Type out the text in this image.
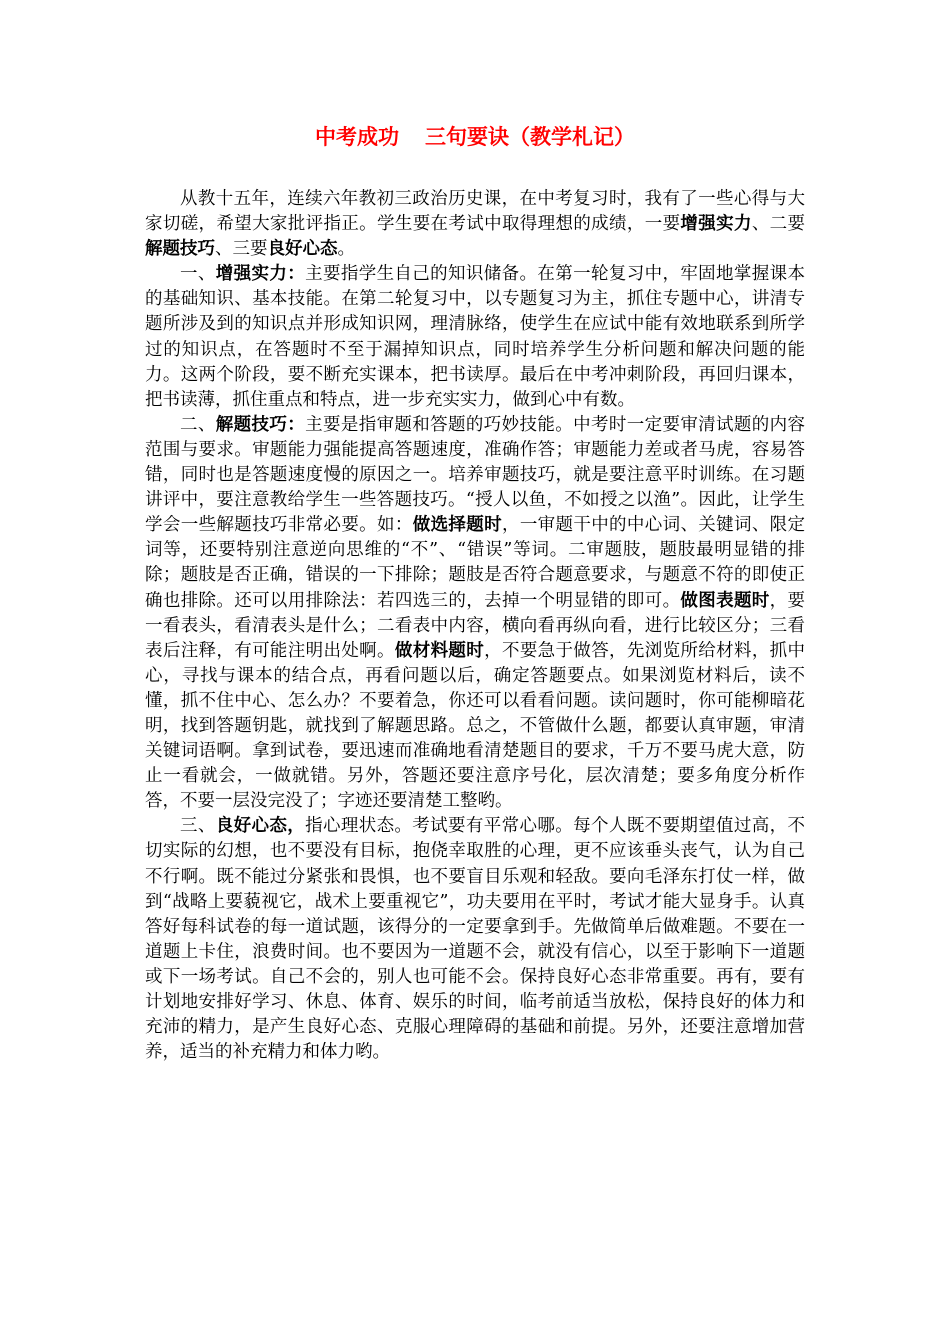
中考成功 三句要诀（教学札记）

从教十五年，连续六年教初三政治历史课，在中考复习时，我有了一些心得与大家切磋，希望大家批评指正。学生要在考试中取得理想的成绩，一要增强实力、二要解题技巧、三要良好心态。

一、增强实力：主要指学生自己的知识储备。在第一轮复习中，牢固地掌握课本的基础知识、基本技能。在第二轮复习中，以专题复习为主，抓住专题中心，讲清专题所涉及到的知识点并形成知识网，理清脉络，使学生在应试中能有效地联系到所学过的知识点，在答题时不至于漏掉知识点，同时培养学生分析问题和解决问题的能力。这两个阶段，要不断充实课本，把书读厚。最后在中考冲刺阶段，再回归课本，把书读薄，抓住重点和特点，进一步充实实力，做到心中有数。

二、解题技巧：主要是指审题和答题的巧妙技能。中考时一定要审清试题的内容范围与要求。审题能力强能提高答题速度，准确作答；审题能力差或者马虎，容易答错，同时也是答题速度慢的原因之一。培养审题技巧，就是要注意平时训练。在习题讲评中，要注意教给学生一些答题技巧。“授人以鱼，不如授之以渔”。因此，让学生学会一些解题技巧非常必要。如：做选择题时，一审题干中的中心词、关键词、限定词等，还要特别注意逆向思维的“不”、“错误”等词。二审题肢，题肢最明显错的排除；题肢是否正确，错误的一下排除；题肢是否符合题意要求，与题意不符的即使正确也排除。还可以用排除法：若四选三的，去掉一个明显错的即可。做图表题时，要一看表头，看清表头是什么；二看表中内容，横向看再纵向看，进行比较区分；三看表后注释，有可能注明出处啊。做材料题时，不要急于做答，先浏览所给材料，抓中心，寻找与课本的结合点，再看问题以后，确定答题要点。如果浏览材料后，读不懂，抓不住中心、怎么办？不要着急，你还可以看看问题。读问题时，你可能柳暗花明，找到答题钥匙，就找到了解题思路。总之，不管做什么题，都要认真审题，审清关键词语啊。拿到试卷，要迅速而准确地看清楚题目的要求，千万不要马虎大意，防止一看就会，一做就错。另外，答题还要注意序号化，层次清楚；要多角度分析作答，不要一层没完没了；字迹还要清楚工整哟。

三、良好心态，指心理状态。考试要有平常心哪。每个人既不要期望值过高，不切实际的幻想，也不要没有目标，抱侥幸取胜的心理，更不应该垂头丧气，认为自己不行啊。既不能过分紧张和畏惧，也不要盲目乐观和轻敌。要向毛泽东打仗一样，做到“战略上要藐视它，战术上要重视它”，功夫要用在平时，考试才能大显身手。认真答好每科试卷的每一道试题，该得分的一定要拿到手。先做简单后做难题。不要在一道题上卡住，浪费时间。也不要因为一道题不会，就没有信心，以至于影响下一道题或下一场考试。自己不会的，别人也可能不会。保持良好心态非常重要。再有，要有计划地安排好学习、休息、体育、娱乐的时间，临考前适当放松，保持良好的体力和充沛的精力，是产生良好心态、克服心理障碍的基础和前提。另外，还要注意增加营养，适当的补充精力和体力哟。
